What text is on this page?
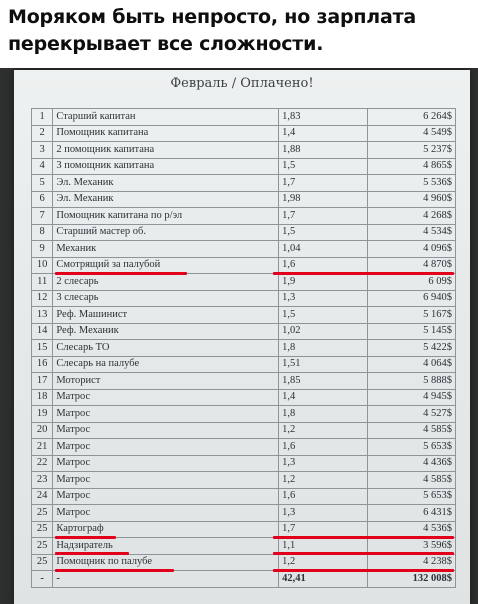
Моряком быть непросто, но зарплата перекрывает все сложности.
Февраль / Оплачено!
1	Старший капитан	1,83	6 264$
2	Помощник капитана	1,4	4 549$
3	2 помощник капитана	1,88	5 237$
4	3 помощник капитана	1,5	4 865$
5	Эл. Механик	1,7	5 536$
6	Эл. Механик	1,98	4 960$
7	Помощник капитана по р/эл	1,7	4 268$
8	Старший мастер об.	1,5	4 534$
9	Механик	1,04	4 096$
10	Смотрящий за палубой	1,6	4 870$
11	2 слесарь	1,9	6 09$
12	3 слесарь	1,3	6 940$
13	Реф. Машинист	1,5	5 167$
14	Реф. Механик	1,02	5 145$
15	Слесарь ТО	1,8	5 422$
16	Слесарь на палубе	1,51	4 064$
17	Моторист	1,85	5 888$
18	Матрос	1,4	4 945$
19	Матрос	1,8	4 527$
20	Матрос	1,2	4 585$
21	Матрос	1,6	5 653$
22	Матрос	1,3	4 436$
23	Матрос	1,2	4 585$
24	Матрос	1,6	5 653$
25	Матрос	1,3	6 431$
25	Картограф	1,7	4 536$
25	Надзиратель	1,1	3 596$
25	Помощник по палубе	1,2	4 238$
-	-	42,41	132 008$
